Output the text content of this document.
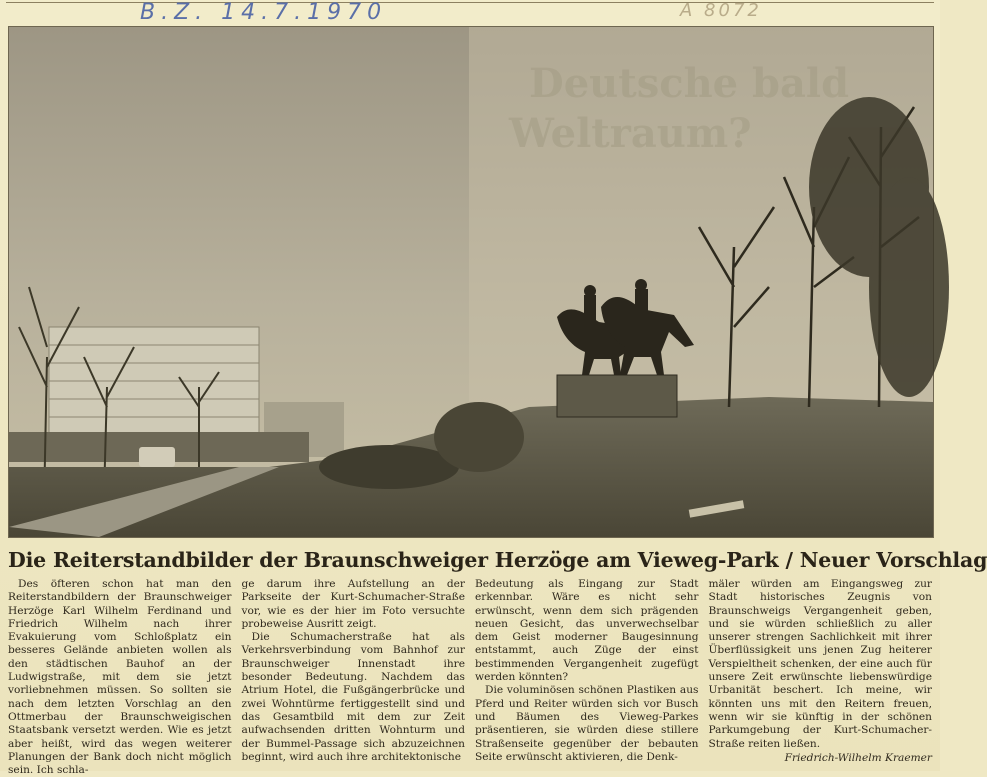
B.Z. 14.7.1970	A 8072
Deutsche bald
Weltraum?
Die Reiterstandbilder der Braunschweiger Herzöge am Vieweg-Park / Neuer Vorschlag

Des öfteren schon hat man den Reiterstandbildern der Braunschweiger Herzöge Karl Wilhelm Ferdinand und Friedrich Wilhelm nach ihrer Evakuierung vom Schloßplatz ein besseres Gelände anbieten wollen als den städtischen Bauhof an der Ludwigstraße, mit dem sie jetzt vorliebnehmen müssen. So sollten sie nach dem letzten Vorschlag an den Ottmerbau der Braunschweigischen Staatsbank versetzt werden. Wie es jetzt aber heißt, wird das wegen weiterer Planungen der Bank doch nicht möglich sein. Ich schla-

ge darum ihre Aufstellung an der Parkseite der Kurt-Schumacher-Straße vor, wie es der hier im Foto versuchte probeweise Ausritt zeigt.

Die Schumacherstraße hat als Verkehrsverbindung vom Bahnhof zur Braunschweiger Innenstadt ihre besonder Bedeutung. Nachdem das Atrium Hotel, die Fußgängerbrücke und zwei Wohntürme fertiggestellt sind und das Gesamtbild mit dem zur Zeit aufwachsenden dritten Wohnturm und der Bummel-Passage sich abzuzeichnen beginnt, wird auch ihre architektonische

Bedeutung als Eingang zur Stadt erkennbar. Wäre es nicht sehr erwünscht, wenn dem sich prägenden neuen Gesicht, das unverwechselbar dem Geist moderner Baugesinnung entstammt, auch Züge der einst bestimmenden Vergangenheit zugefügt werden könnten?

Die voluminösen schönen Plastiken aus Pferd und Reiter würden sich vor Busch und Bäumen des Vieweg-Parkes präsentieren, sie würden diese stillere Straßenseite gegenüber der bebauten Seite erwünscht aktivieren, die Denk-

mäler würden am Eingangsweg zur Stadt historisches Zeugnis von Braunschweigs Vergangenheit geben, und sie würden schließlich zu aller unserer strengen Sachlichkeit mit ihrer Überflüssigkeit uns jenen Zug heiterer Verspieltheit schenken, der eine auch für unsere Zeit erwünschte liebenswürdige Urbanität beschert. Ich meine, wir könnten uns mit den Reitern freuen, wenn wir sie künftig in der schönen Parkumgebung der Kurt-Schumacher-Straße reiten ließen.

Friedrich-Wilhelm Kraemer
